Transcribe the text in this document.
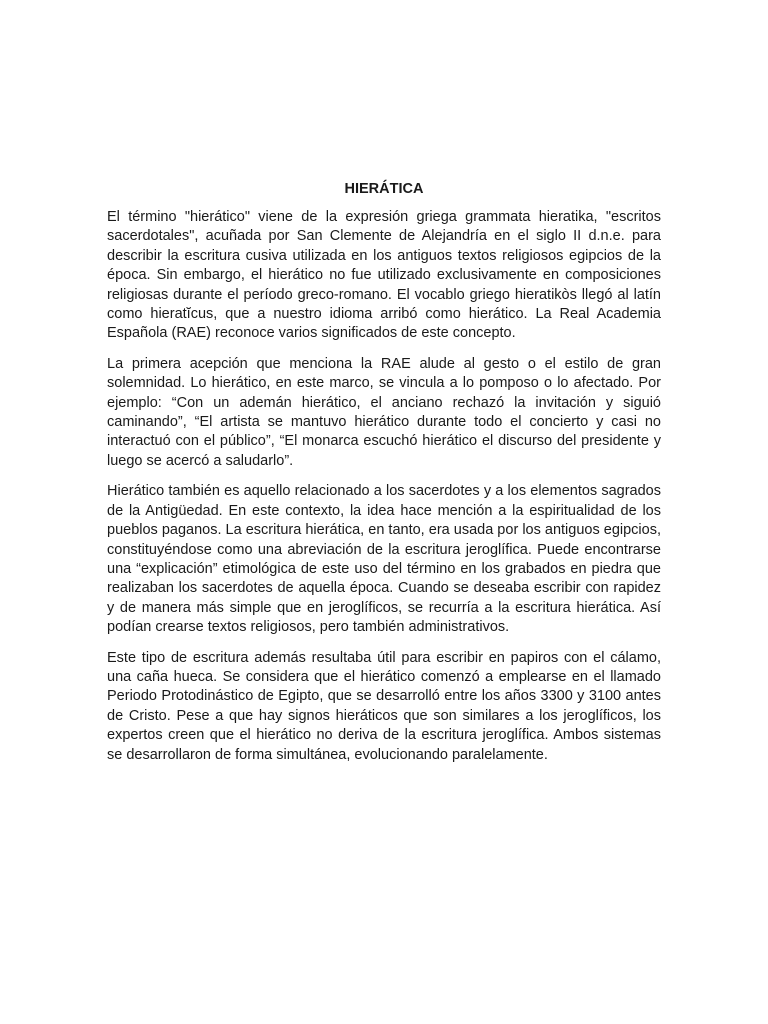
HIERÁTICA

El término "hierático" viene de la expresión griega grammata hieratika, "escritos sacerdotales", acuñada por San Clemente de Alejandría en el siglo II d.n.e. para describir la escritura cusiva utilizada en los antiguos textos religiosos egipcios de la época. Sin embargo, el hierático no fue utilizado exclusivamente en composiciones religiosas durante el período greco-romano. El vocablo griego hieratikòs llegó al latín como hieratĭcus, que a nuestro idioma arribó como hierático. La Real Academia Española (RAE) reconoce varios significados de este concepto.

La primera acepción que menciona la RAE alude al gesto o el estilo de gran solemnidad. Lo hierático, en este marco, se vincula a lo pomposo o lo afectado. Por ejemplo: “Con un ademán hierático, el anciano rechazó la invitación y siguió caminando”, “El artista se mantuvo hierático durante todo el concierto y casi no interactuó con el público”, “El monarca escuchó hierático el discurso del presidente y luego se acercó a saludarlo”.

Hierático también es aquello relacionado a los sacerdotes y a los elementos sagrados de la Antigüedad. En este contexto, la idea hace mención a la espiritualidad de los pueblos paganos. La escritura hierática, en tanto, era usada por los antiguos egipcios, constituyéndose como una abreviación de la escritura jeroglífica. Puede encontrarse una “explicación” etimológica de este uso del término en los grabados en piedra que realizaban los sacerdotes de aquella época. Cuando se deseaba escribir con rapidez y de manera más simple que en jeroglíficos, se recurría a la escritura hierática. Así podían crearse textos religiosos, pero también administrativos.

Este tipo de escritura además resultaba útil para escribir en papiros con el cálamo, una caña hueca. Se considera que el hierático comenzó a emplearse en el llamado Periodo Protodinástico de Egipto, que se desarrolló entre los años 3300 y 3100 antes de Cristo. Pese a que hay signos hieráticos que son similares a los jeroglíficos, los expertos creen que el hierático no deriva de la escritura jeroglífica. Ambos sistemas se desarrollaron de forma simultánea, evolucionando paralelamente.
